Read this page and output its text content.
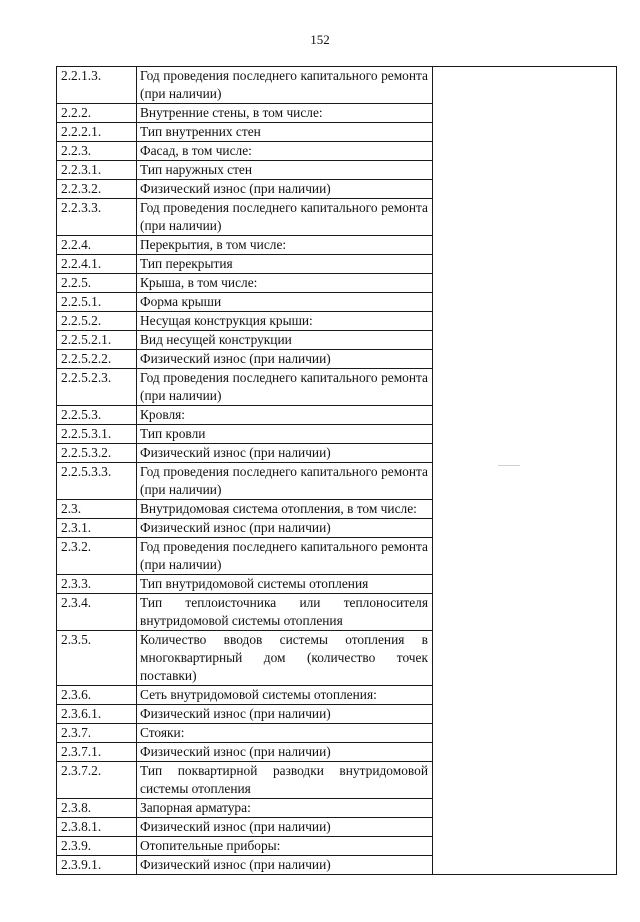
152
2.2.1.3.	Год проведения последнего капитального ремонта (при наличии)	
2.2.2.	Внутренние стены, в том числе:	
2.2.2.1.	Тип внутренних стен	
2.2.3.	Фасад, в том числе:	
2.2.3.1.	Тип наружных стен	
2.2.3.2.	Физический износ (при наличии)	
2.2.3.3.	Год проведения последнего капитального ремонта (при наличии)	
2.2.4.	Перекрытия, в том числе:	
2.2.4.1.	Тип перекрытия	
2.2.5.	Крыша, в том числе:	
2.2.5.1.	Форма крыши	
2.2.5.2.	Несущая конструкция крыши:	
2.2.5.2.1.	Вид несущей конструкции	
2.2.5.2.2.	Физический износ (при наличии)	
2.2.5.2.3.	Год проведения последнего капитального ремонта (при наличии)	
2.2.5.3.	Кровля:	
2.2.5.3.1.	Тип кровли	
2.2.5.3.2.	Физический износ (при наличии)	
2.2.5.3.3.	Год проведения последнего капитального ремонта (при наличии)	
2.3.	Внутридомовая система отопления, в том числе:	
2.3.1.	Физический износ (при наличии)	
2.3.2.	Год проведения последнего капитального ремонта (при наличии)	
2.3.3.	Тип внутридомовой системы отопления	
2.3.4.	Тип теплоисточника или теплоносителя внутридомовой системы отопления	
2.3.5.	Количество вводов системы отопления в многоквартирный дом (количество точек поставки)	
2.3.6.	Сеть внутридомовой системы отопления:	
2.3.6.1.	Физический износ (при наличии)	
2.3.7.	Стояки:	
2.3.7.1.	Физический износ (при наличии)	
2.3.7.2.	Тип поквартирной разводки внутридомовой системы отопления	
2.3.8.	Запорная арматура:	
2.3.8.1.	Физический износ (при наличии)	
2.3.9.	Отопительные приборы:	
2.3.9.1.	Физический износ (при наличии)	
